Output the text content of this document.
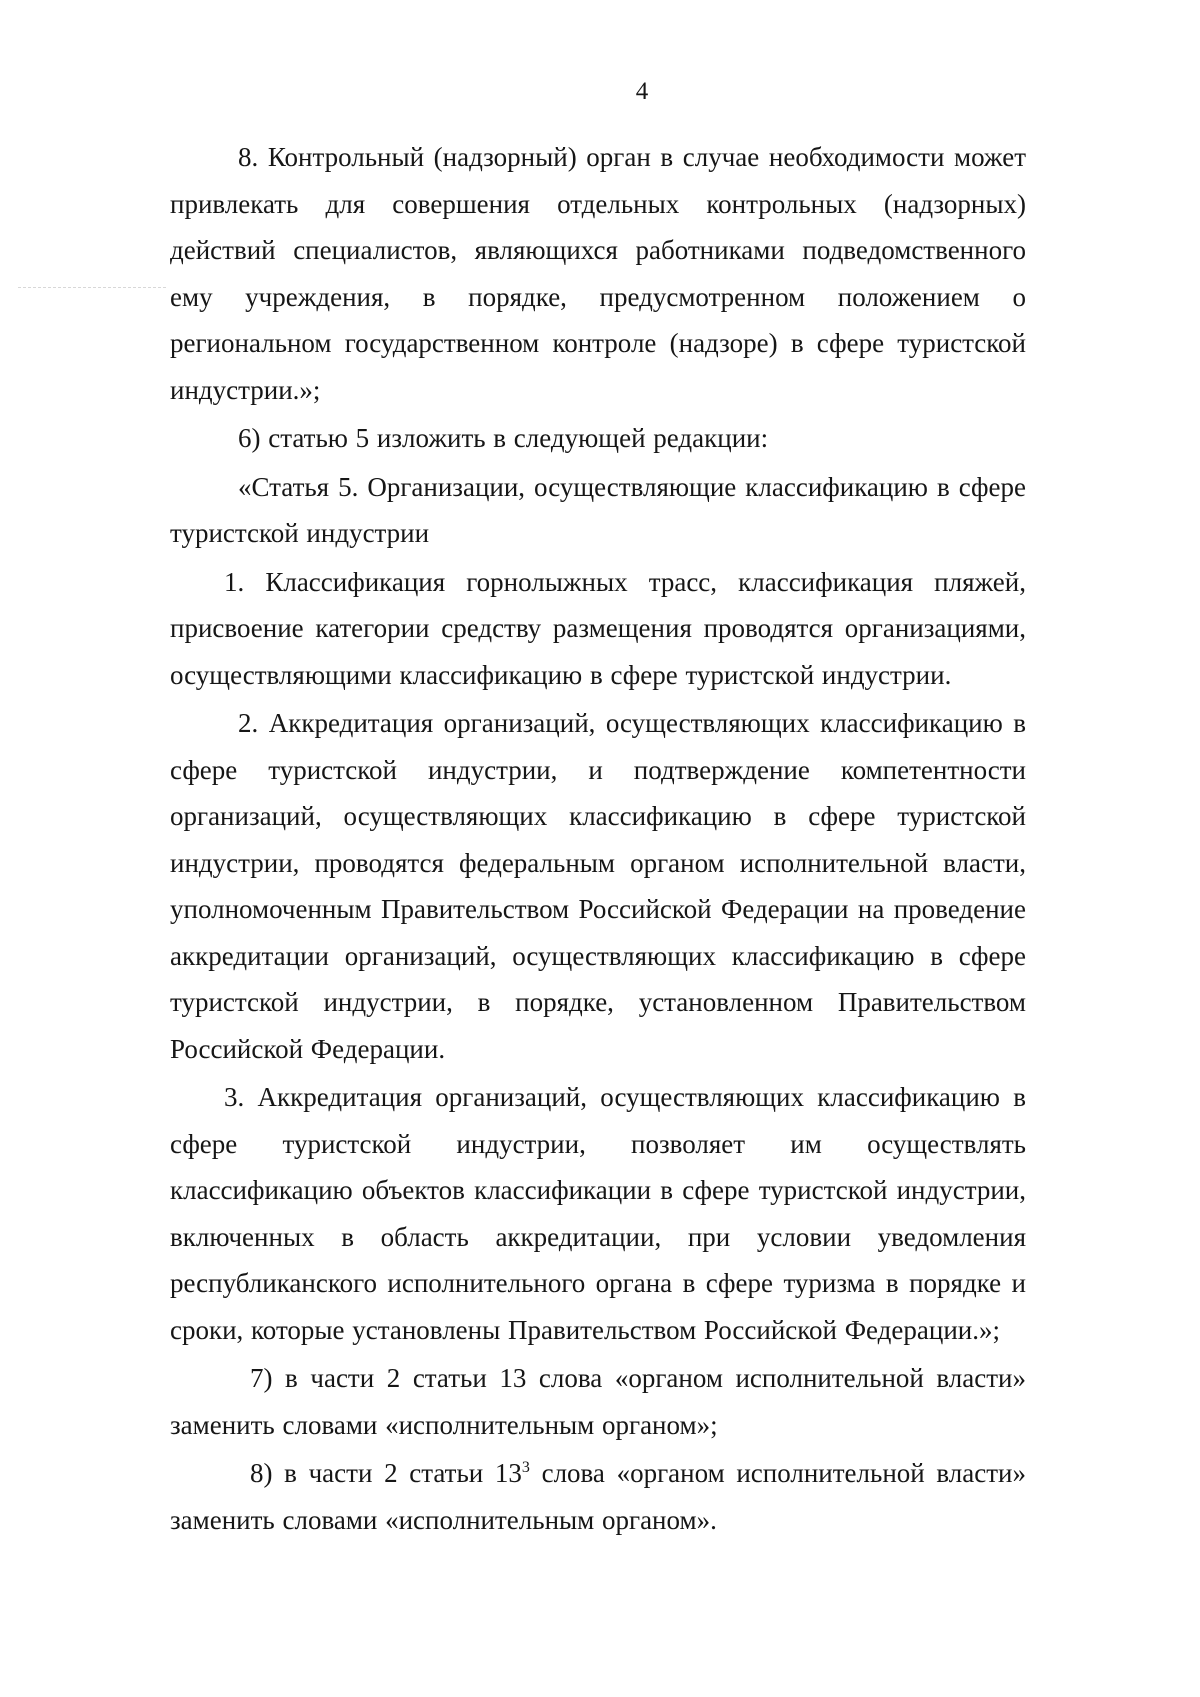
4

8. Контрольный (надзорный) орган в случае необходимости может привлекать для совершения отдельных контрольных (надзорных) действий специалистов, являющихся работниками подведомственного ему учреждения, в порядке, предусмотренном положением о региональном государственном контроле (надзоре) в сфере туристской индустрии.»;

6) статью 5 изложить в следующей редакции:

«Статья 5. Организации, осуществляющие классификацию в сфере туристской индустрии

1. Классификация горнолыжных трасс, классификация пляжей, присвоение категории средству размещения проводятся организациями, осуществляющими классификацию в сфере туристской индустрии.

2. Аккредитация организаций, осуществляющих классификацию в сфере туристской индустрии, и подтверждение компетентности организаций, осуществляющих классификацию в сфере туристской индустрии, проводятся федеральным органом исполнительной власти, уполномоченным Правительством Российской Федерации на проведение аккредитации организаций, осуществляющих классификацию в сфере туристской индустрии, в порядке, установленном Правительством Российской Федерации.

3. Аккредитация организаций, осуществляющих классификацию в сфере туристской индустрии, позволяет им осуществлять классификацию объектов классификации в сфере туристской индустрии, включенных в область аккредитации, при условии уведомления республиканского исполнительного органа в сфере туризма в порядке и сроки, которые установлены Правительством Российской Федерации.»;

7) в части 2 статьи 13 слова «органом исполнительной власти» заменить словами «исполнительным органом»;

8) в части 2 статьи $13^3$ слова «органом исполнительной власти» заменить словами «исполнительным органом».
